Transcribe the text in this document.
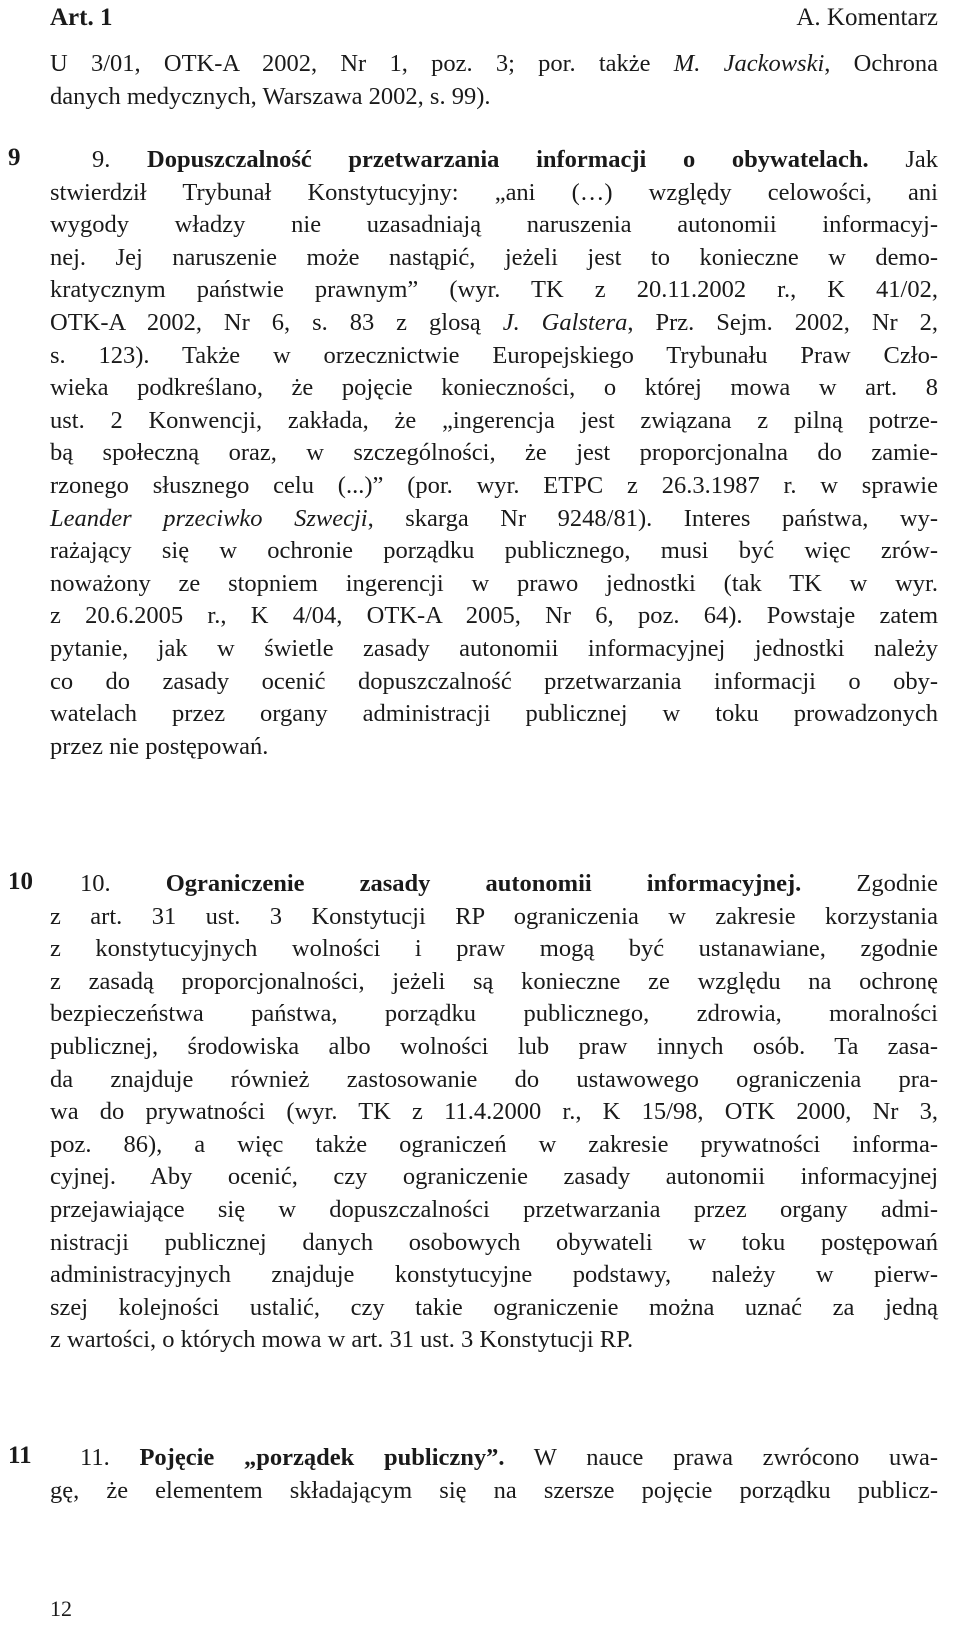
Art. 1	A. Komentarz
9
10
11
U 3/01, OTK-A 2002, Nr 1, poz. 3; por. także M. Jackowski, Ochrona
danych medycznych, Warszawa 2002, s. 99).
9. Dopuszczalność przetwarzania informacji o obywatelach. Jak
stwierdził Trybunał Konstytucyjny: „ani (…) względy celowości, ani
wygody władzy nie uzasadniają naruszenia autonomii informacyj-
nej. Jej naruszenie może nastąpić, jeżeli jest to konieczne w demo-
kratycznym państwie prawnym” (wyr. TK z 20.11.2002 r., K 41/02,
OTK-A 2002, Nr 6, s. 83 z glosą J. Galstera, Prz. Sejm. 2002, Nr 2,
s. 123). Także w orzecznictwie Europejskiego Trybunału Praw Czło-
wieka podkreślano, że pojęcie konieczności, o której mowa w art. 8
ust. 2 Konwencji, zakłada, że „ingerencja jest związana z pilną potrze-
bą społeczną oraz, w szczególności, że jest proporcjonalna do zamie-
rzonego słusznego celu (...)” (por. wyr. ETPC z 26.3.1987 r. w sprawie
Leander przeciwko Szwecji, skarga Nr 9248/81). Interes państwa, wy-
rażający się w ochronie porządku publicznego, musi być więc zrów-
noważony ze stopniem ingerencji w prawo jednostki (tak TK w wyr.
z 20.6.2005 r., K 4/04, OTK-A 2005, Nr 6, poz. 64). Powstaje zatem
pytanie, jak w świetle zasady autonomii informacyjnej jednostki należy
co do zasady ocenić dopuszczalność przetwarzania informacji o oby-
watelach przez organy administracji publicznej w toku prowadzonych
przez nie postępowań.
10. Ograniczenie zasady autonomii informacyjnej. Zgodnie
z art. 31 ust. 3 Konstytucji RP ograniczenia w zakresie korzystania
z konstytucyjnych wolności i praw mogą być ustanawiane, zgodnie
z zasadą proporcjonalności, jeżeli są konieczne ze względu na ochronę
bezpieczeństwa państwa, porządku publicznego, zdrowia, moralności
publicznej, środowiska albo wolności lub praw innych osób. Ta zasa-
da znajduje również zastosowanie do ustawowego ograniczenia pra-
wa do prywatności (wyr. TK z 11.4.2000 r., K 15/98, OTK 2000, Nr 3,
poz. 86), a więc także ograniczeń w zakresie prywatności informa-
cyjnej. Aby ocenić, czy ograniczenie zasady autonomii informacyjnej
przejawiające się w dopuszczalności przetwarzania przez organy admi-
nistracji publicznej danych osobowych obywateli w toku postępowań
administracyjnych znajduje konstytucyjne podstawy, należy w pierw-
szej kolejności ustalić, czy takie ograniczenie można uznać za jedną
z wartości, o których mowa w art. 31 ust. 3 Konstytucji RP.
11. Pojęcie „porządek publiczny”. W nauce prawa zwrócono uwa-
gę, że elementem składającym się na szersze pojęcie porządku publicz-
12
